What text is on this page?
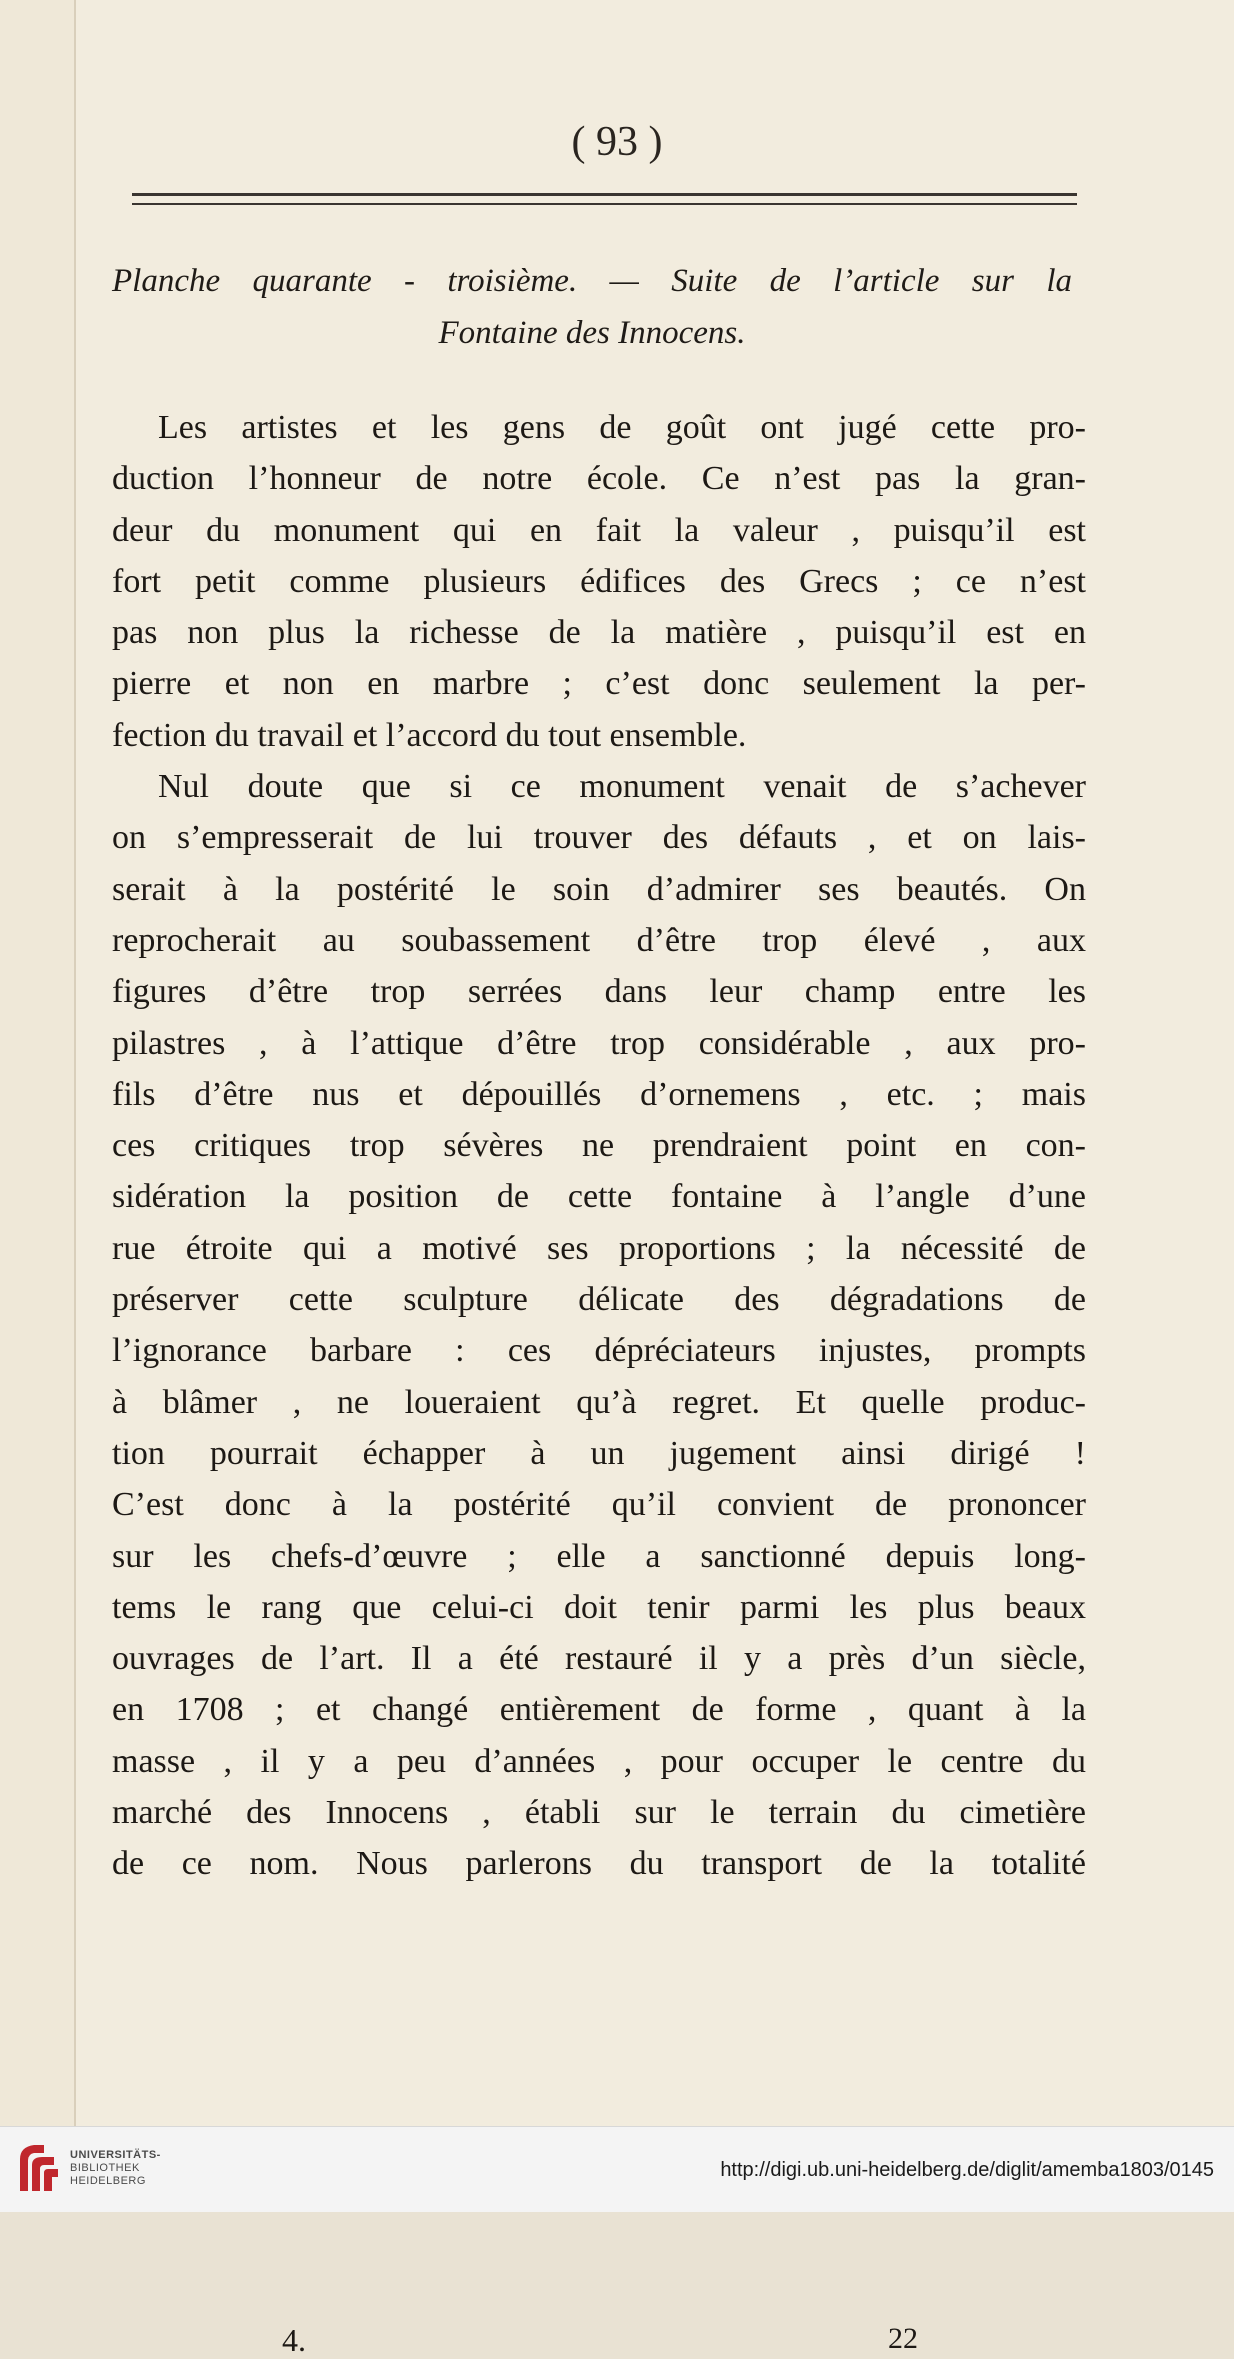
( 93 )
Planche quarante - troisième. — Suite de l’article sur la
Fontaine des Innocens.
Les artistes et les gens de goût ont jugé cette pro-
duction l’honneur de notre école. Ce n’est pas la gran-
deur du monument qui en fait la valeur , puisqu’il est
fort petit comme plusieurs édifices des Grecs ; ce n’est
pas non plus la richesse de la matière , puisqu’il est en
pierre et non en marbre ; c’est donc seulement la per-
fection du travail et l’accord du tout ensemble.
Nul doute que si ce monument venait de s’achever
on s’empresserait de lui trouver des défauts , et on lais-
serait à la postérité le soin d’admirer ses beautés. On
reprocherait au soubassement d’être trop élevé , aux
figures d’être trop serrées dans leur champ entre les
pilastres , à l’attique d’être trop considérable , aux pro-
fils d’être nus et dépouillés d’ornemens , etc. ; mais
ces critiques trop sévères ne prendraient point en con-
sidération la position de cette fontaine à l’angle d’une
rue étroite qui a motivé ses proportions ; la nécessité de
préserver cette sculpture délicate des dégradations de
l’ignorance barbare : ces dépréciateurs injustes, prompts
à blâmer , ne loueraient qu’à regret. Et quelle produc-
tion pourrait échapper à un jugement ainsi dirigé !
C’est donc à la postérité qu’il convient de prononcer
sur les chefs-d’œuvre ; elle a sanctionné depuis long-
tems le rang que celui-ci doit tenir parmi les plus beaux
ouvrages de l’art. Il a été restauré il y a près d’un siècle,
en 1708 ; et changé entièrement de forme , quant à la
masse , il y a peu d’années , pour occuper le centre du
marché des Innocens , établi sur le terrain du cimetière
de ce nom. Nous parlerons du transport de la totalité
4.	22
UNIVERSITÄTS-
BIBLIOTHEK
HEIDELBERG	http://digi.ub.uni-heidelberg.de/diglit/amemba1803/0145
